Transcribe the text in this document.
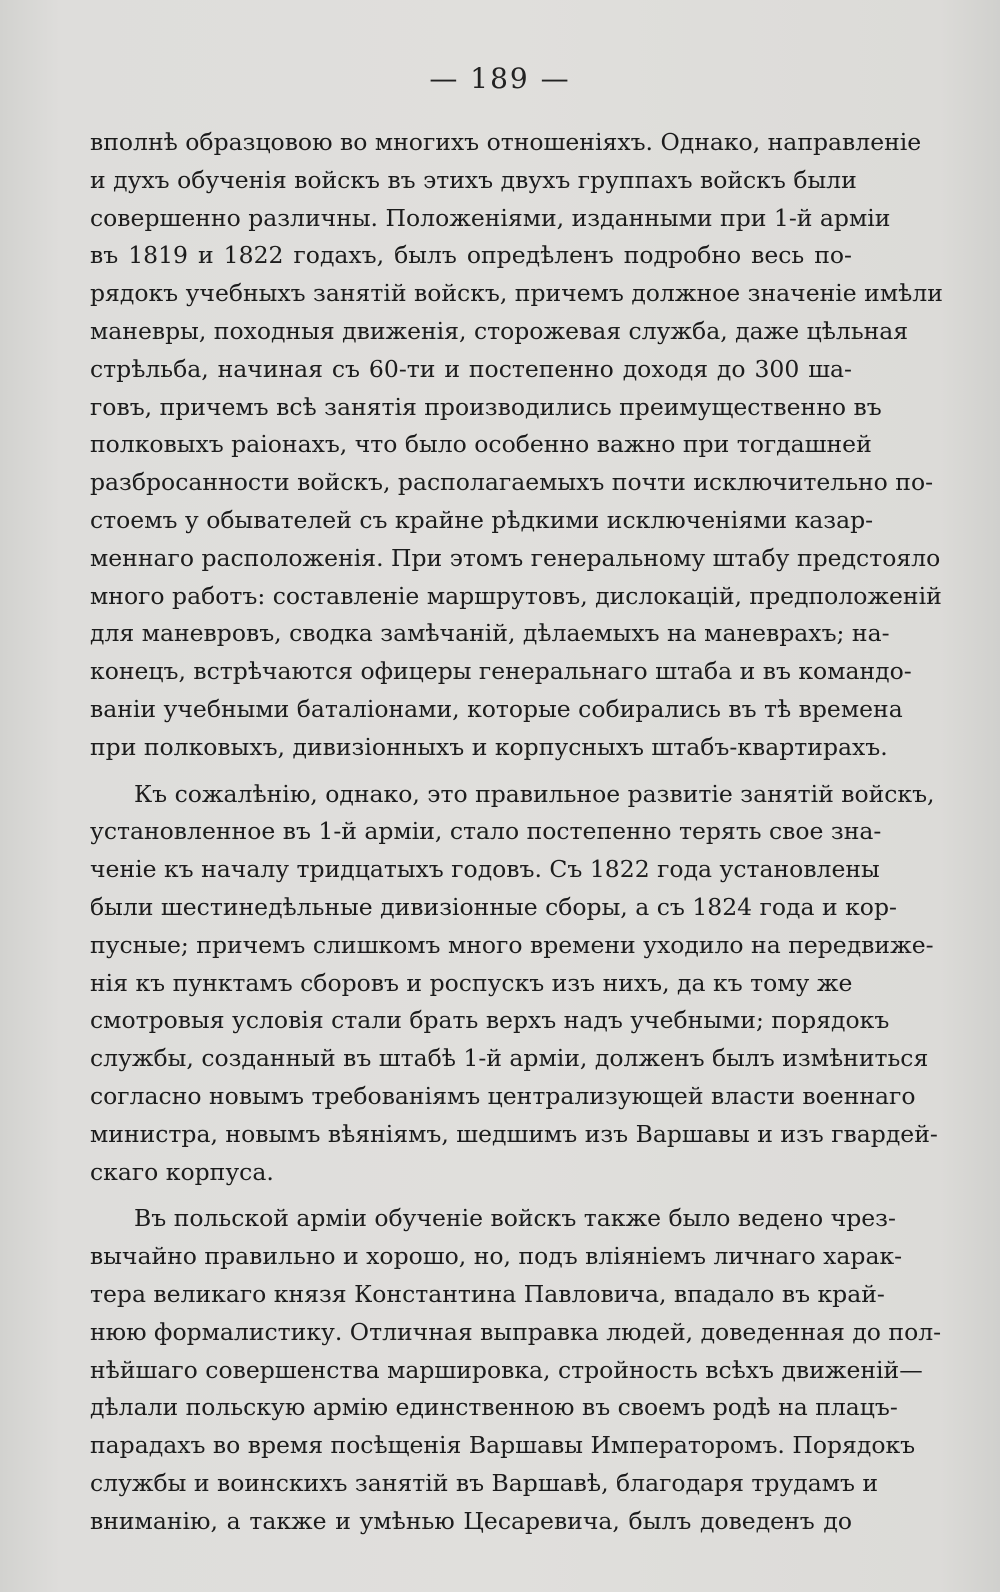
— 189 —
вполнѣ образцовою во многихъ отношеніяхъ. Однако, направленіе
и духъ обученія войскъ въ этихъ двухъ группахъ войскъ были
совершенно различны. Положеніями, изданными при 1-й арміи
въ 1819 и 1822 годахъ, былъ опредѣленъ подробно весь по-
рядокъ учебныхъ занятій войскъ, причемъ должное значеніе имѣли
маневры, походныя движенія, сторожевая служба, даже цѣльная
стрѣльба, начиная съ 60-ти и постепенно доходя до 300 ша-
говъ, причемъ всѣ занятія производились преимущественно въ
полковыхъ раіонахъ, что было особенно важно при тогдашней
разбросанности войскъ, располагаемыхъ почти исключительно по-
стоемъ у обывателей съ крайне рѣдкими исключеніями казар-
меннаго расположенія. При этомъ генеральному штабу предстояло
много работъ: составленіе маршрутовъ, дислокацій, предположеній
для маневровъ, сводка замѣчаній, дѣлаемыхъ на маневрахъ; на-
конецъ, встрѣчаются офицеры генеральнаго штаба и въ командо-
ваніи учебными баталіонами, которые собирались въ тѣ времена
при полковыхъ, дивизіонныхъ и корпусныхъ штабъ-квартирахъ.
Къ сожалѣнію, однако, это правильное развитіе занятій войскъ,
установленное въ 1-й арміи, стало постепенно терять свое зна-
ченіе къ началу тридцатыхъ годовъ. Съ 1822 года установлены
были шестинедѣльные дивизіонные сборы, а съ 1824 года и кор-
пусные; причемъ слишкомъ много времени уходило на передвиже-
нія къ пунктамъ сборовъ и роспускъ изъ нихъ, да къ тому же
смотровыя условія стали брать верхъ надъ учебными; порядокъ
службы, созданный въ штабѣ 1-й арміи, долженъ былъ измѣниться
согласно новымъ требованіямъ централизующей власти военнаго
министра, новымъ вѣяніямъ, шедшимъ изъ Варшавы и изъ гвардей-
скаго корпуса.
Въ польской арміи обученіе войскъ также было ведено чрез-
вычайно правильно и хорошо, но, подъ вліяніемъ личнаго харак-
тера великаго князя Константина Павловича, впадало въ край-
нюю формалистику. Отличная выправка людей, доведенная до пол-
нѣйшаго совершенства маршировка, стройность всѣхъ движеній—
дѣлали польскую армію единственною въ своемъ родѣ на плацъ-
парадахъ во время посѣщенія Варшавы Императоромъ. Порядокъ
службы и воинскихъ занятій въ Варшавѣ, благодаря трудамъ и
вниманію, а также и умѣнью Цесаревича, былъ доведенъ до
